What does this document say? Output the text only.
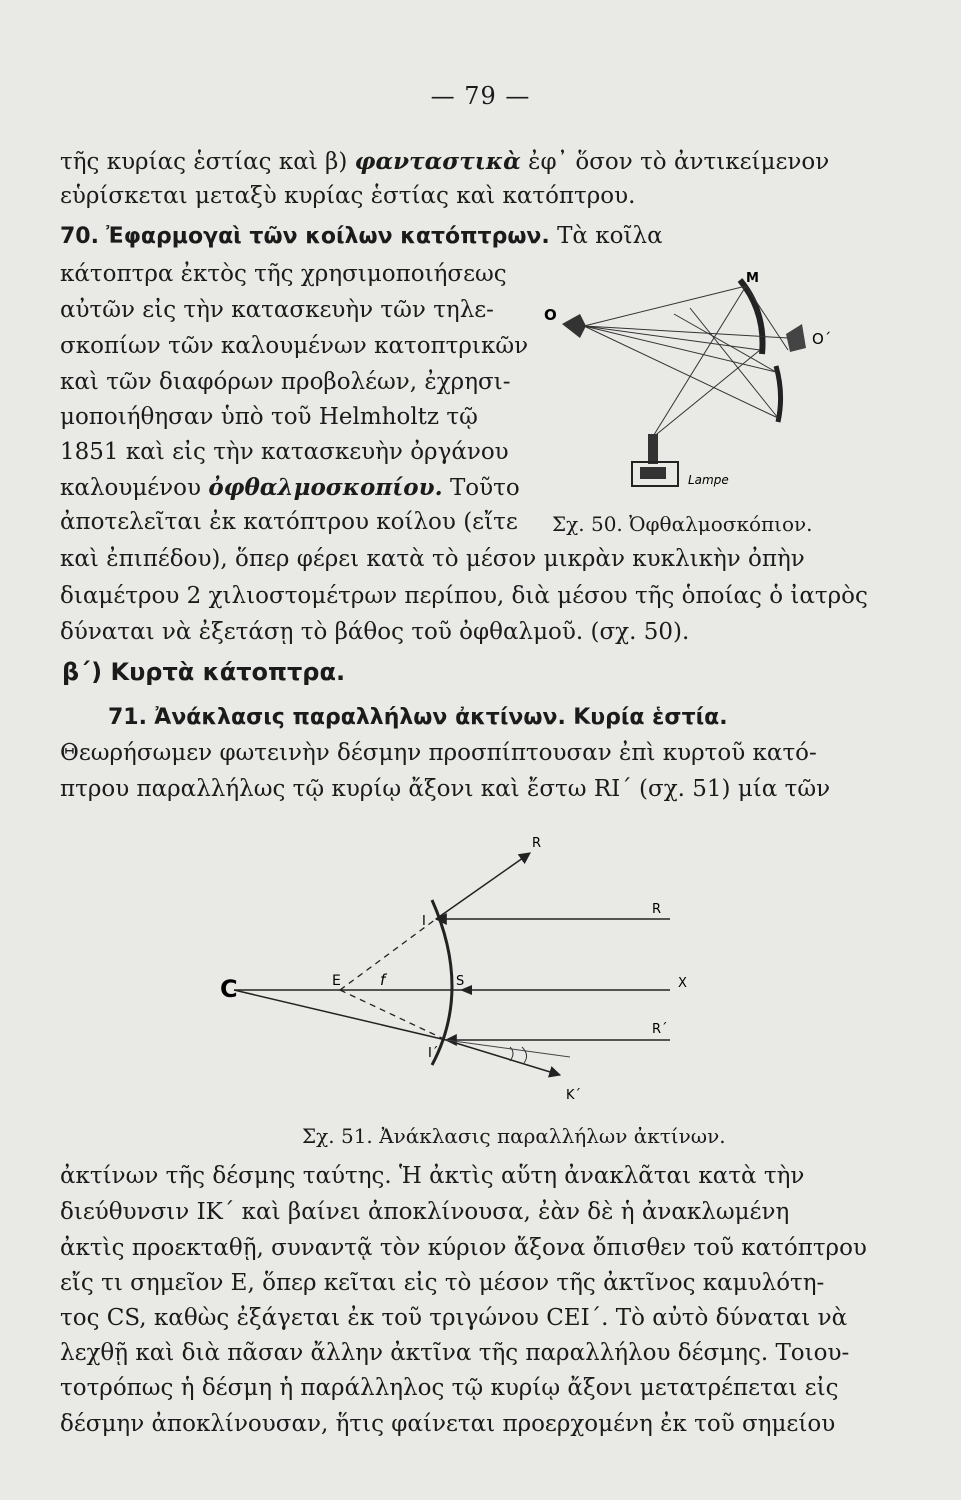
— 79 —
τῆς κυρίας ἑστίας καὶ β) φανταστικὰ ἐφ᾽ ὅσον τὸ ἀντικείμενον
εὑρίσκεται μεταξὺ κυρίας ἑστίας καὶ κατόπτρου.
70. Ἐφαρμογαὶ τῶν κοίλων κατόπτρων. Τὰ κοῖλα
κάτοπτρα ἐκτὸς τῆς χρησιμοποιήσεως
αὐτῶν εἰς τὴν κατασκευὴν τῶν τηλε-
σκοπίων τῶν καλουμένων κατοπτρικῶν
καὶ τῶν διαφόρων προβολέων, ἐχρησι-
μοποιήθησαν ὑπὸ τοῦ Helmholtz τῷ
1851 καὶ εἰς τὴν κατασκευὴν ὀργάνου
καλουμένου ὀφθαλμοσκοπίου. Τοῦτο
ἀποτελεῖται ἐκ κατόπτρου κοίλου (εἴτε
O
M
O´
Lampe
Σχ. 50. Ὀφθαλμοσκόπιον.
καὶ ἐπιπέδου), ὅπερ φέρει κατὰ τὸ μέσον μικρὰν κυκλικὴν ὀπὴν
διαμέτρου 2 χιλιοστομέτρων περίπου, διὰ μέσου τῆς ὁποίας ὁ ἰατρὸς
δύναται νὰ ἐξετάσῃ τὸ βάθος τοῦ ὀφθαλμοῦ. (σχ. 50).
β´) Κυρτὰ κάτοπτρα.
71. Ἀνάκλασις παραλλήλων ἀκτίνων. Κυρία ἑστία.
Θεωρήσωμεν φωτεινὴν δέσμην προσπίπτουσαν ἐπὶ κυρτοῦ κατό-
πτρου παραλλήλως τῷ κυρίῳ ἄξονι καὶ ἔστω RΙ´ (σχ. 51) μία τῶν
C	E	f	S
I
I´
R
R
X
R´
K´
Σχ. 51. Ἀνάκλασις παραλλήλων ἀκτίνων.
ἀκτίνων τῆς δέσμης ταύτης. Ἡ ἀκτὶς αὕτη ἀνακλᾶται κατὰ τὴν
διεύθυνσιν ΙΚ´ καὶ βαίνει ἀποκλίνουσα, ἐὰν δὲ ἡ ἀνακλωμένη
ἀκτὶς προεκταθῇ, συναντᾷ τὸν κύριον ἄξονα ὄπισθεν τοῦ κατόπτρου
εἴς τι σημεῖον Ε, ὅπερ κεῖται εἰς τὸ μέσον τῆς ἀκτῖνος καμυλότη-
τος CS, καθὼς ἐξάγεται ἐκ τοῦ τριγώνου CEI´. Τὸ αὐτὸ δύναται νὰ
λεχθῇ καὶ διὰ πᾶσαν ἄλλην ἀκτῖνα τῆς παραλλήλου δέσμης. Τοιου-
τοτρόπως ἡ δέσμη ἡ παράλληλος τῷ κυρίῳ ἄξονι μετατρέπεται εἰς
δέσμην ἀποκλίνουσαν, ἥτις φαίνεται προερχομένη ἐκ τοῦ σημείου
